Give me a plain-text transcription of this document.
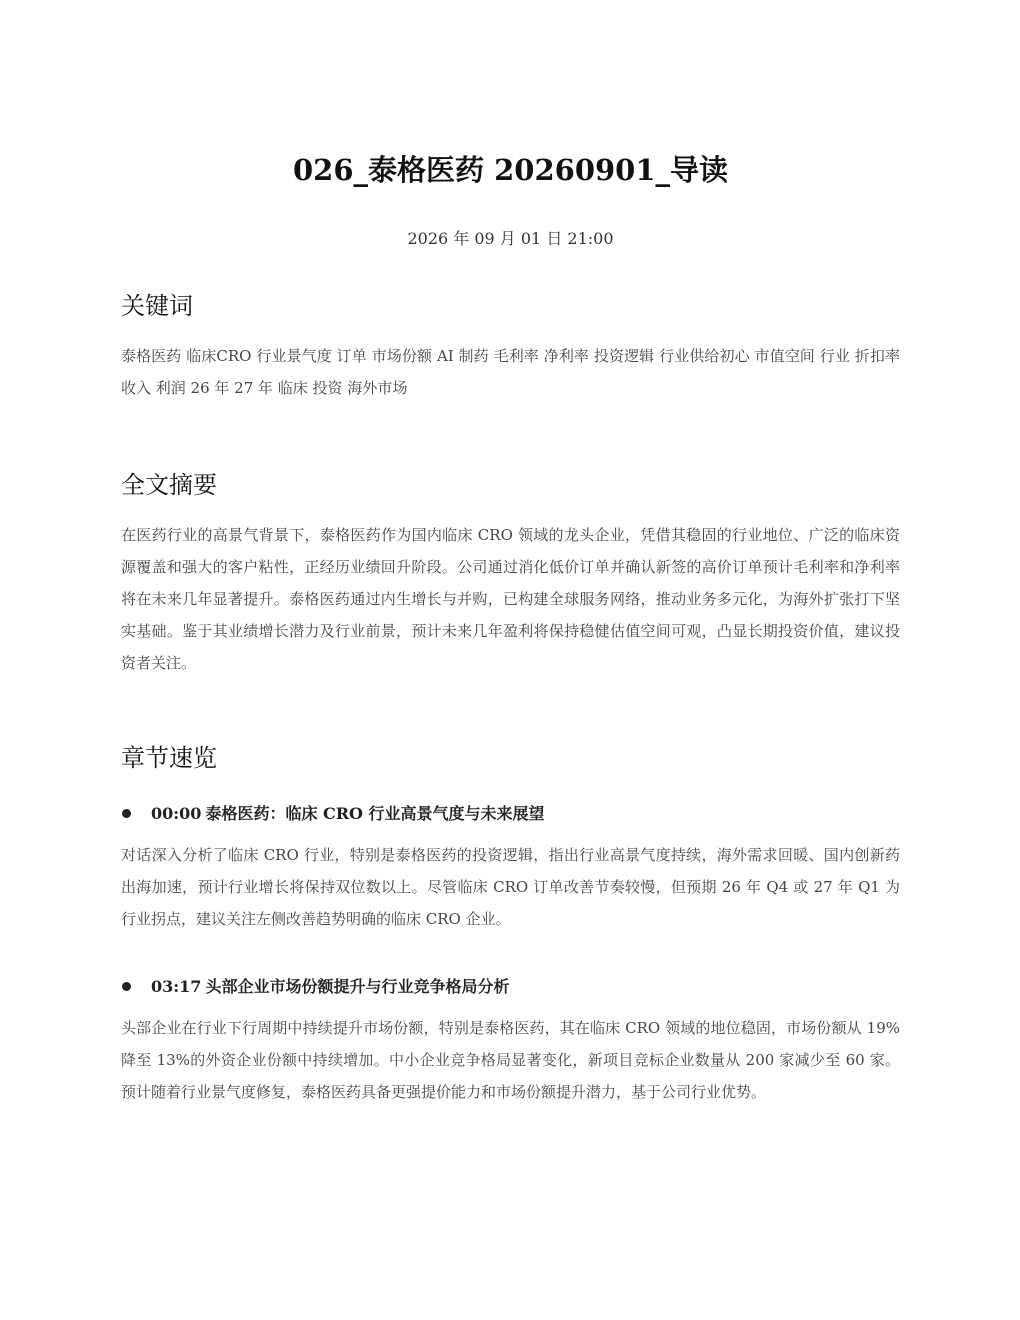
026_泰格医药 20260901_导读
2026 年 09 月 01 日 21:00
关键词

泰格医药 临床CRO 行业景气度 订单 市场份额 AI 制药 毛利率 净利率 投资逻辑 行业供给初心 市值空间 行业 折扣率 收入 利润 26 年 27 年 临床 投资 海外市场

全文摘要

在医药行业的高景气背景下，泰格医药作为国内临床 CRO 领域的龙头企业，凭借其稳固的行业地位、广泛的临床资源覆盖和强大的客户粘性，正经历业绩回升阶段。公司通过消化低价订单并确认新签的高价订单预计毛利率和净利率将在未来几年显著提升。泰格医药通过内生增长与并购，已构建全球服务网络，推动业务多元化，为海外扩张打下坚实基础。鉴于其业绩增长潜力及行业前景，预计未来几年盈利将保持稳健估值空间可观，凸显长期投资价值，建议投资者关注。

章节速览
00:00 泰格医药：临床 CRO 行业高景气度与未来展望

对话深入分析了临床 CRO 行业，特别是泰格医药的投资逻辑，指出行业高景气度持续，海外需求回暖、国内创新药出海加速，预计行业增长将保持双位数以上。尽管临床 CRO 订单改善节奏较慢，但预期 26 年 Q4 或 27 年 Q1 为行业拐点，建议关注左侧改善趋势明确的临床 CRO 企业。

03:17 头部企业市场份额提升与行业竞争格局分析

头部企业在行业下行周期中持续提升市场份额，特别是泰格医药，其在临床 CRO 领域的地位稳固，市场份额从 19%降至 13%的外资企业份额中持续增加。中小企业竞争格局显著变化，新项目竞标企业数量从 200 家减少至 60 家。预计随着行业景气度修复，泰格医药具备更强提价能力和市场份额提升潜力，基于公司行业优势。
